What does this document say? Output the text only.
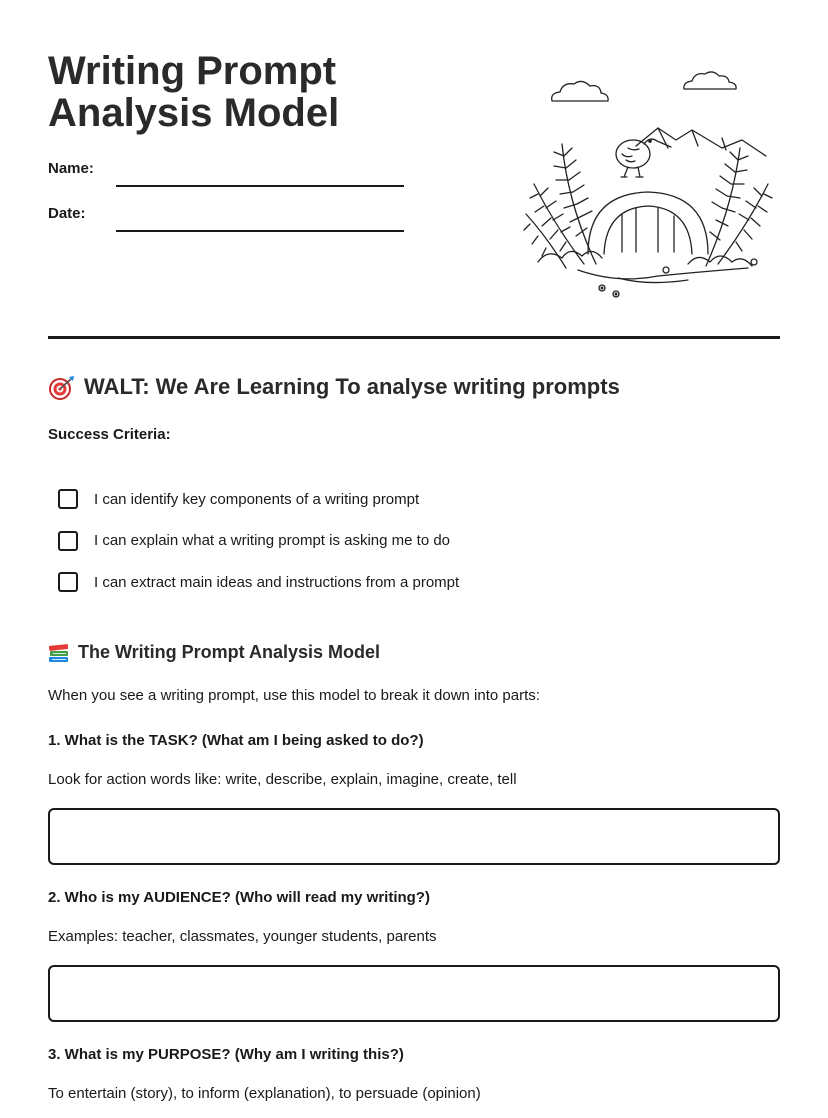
Writing Prompt
Analysis Model
Name:
Date:
WALT: We Are Learning To analyse writing prompts
Success Criteria:
I can identify key components of a writing prompt
I can explain what a writing prompt is asking me to do
I can extract main ideas and instructions from a prompt
The Writing Prompt Analysis Model
When you see a writing prompt, use this model to break it down into parts:
1. What is the TASK? (What am I being asked to do?)
Look for action words like: write, describe, explain, imagine, create, tell
2. Who is my AUDIENCE? (Who will read my writing?)
Examples: teacher, classmates, younger students, parents
3. What is my PURPOSE? (Why am I writing this?)
To entertain (story), to inform (explanation), to persuade (opinion)
